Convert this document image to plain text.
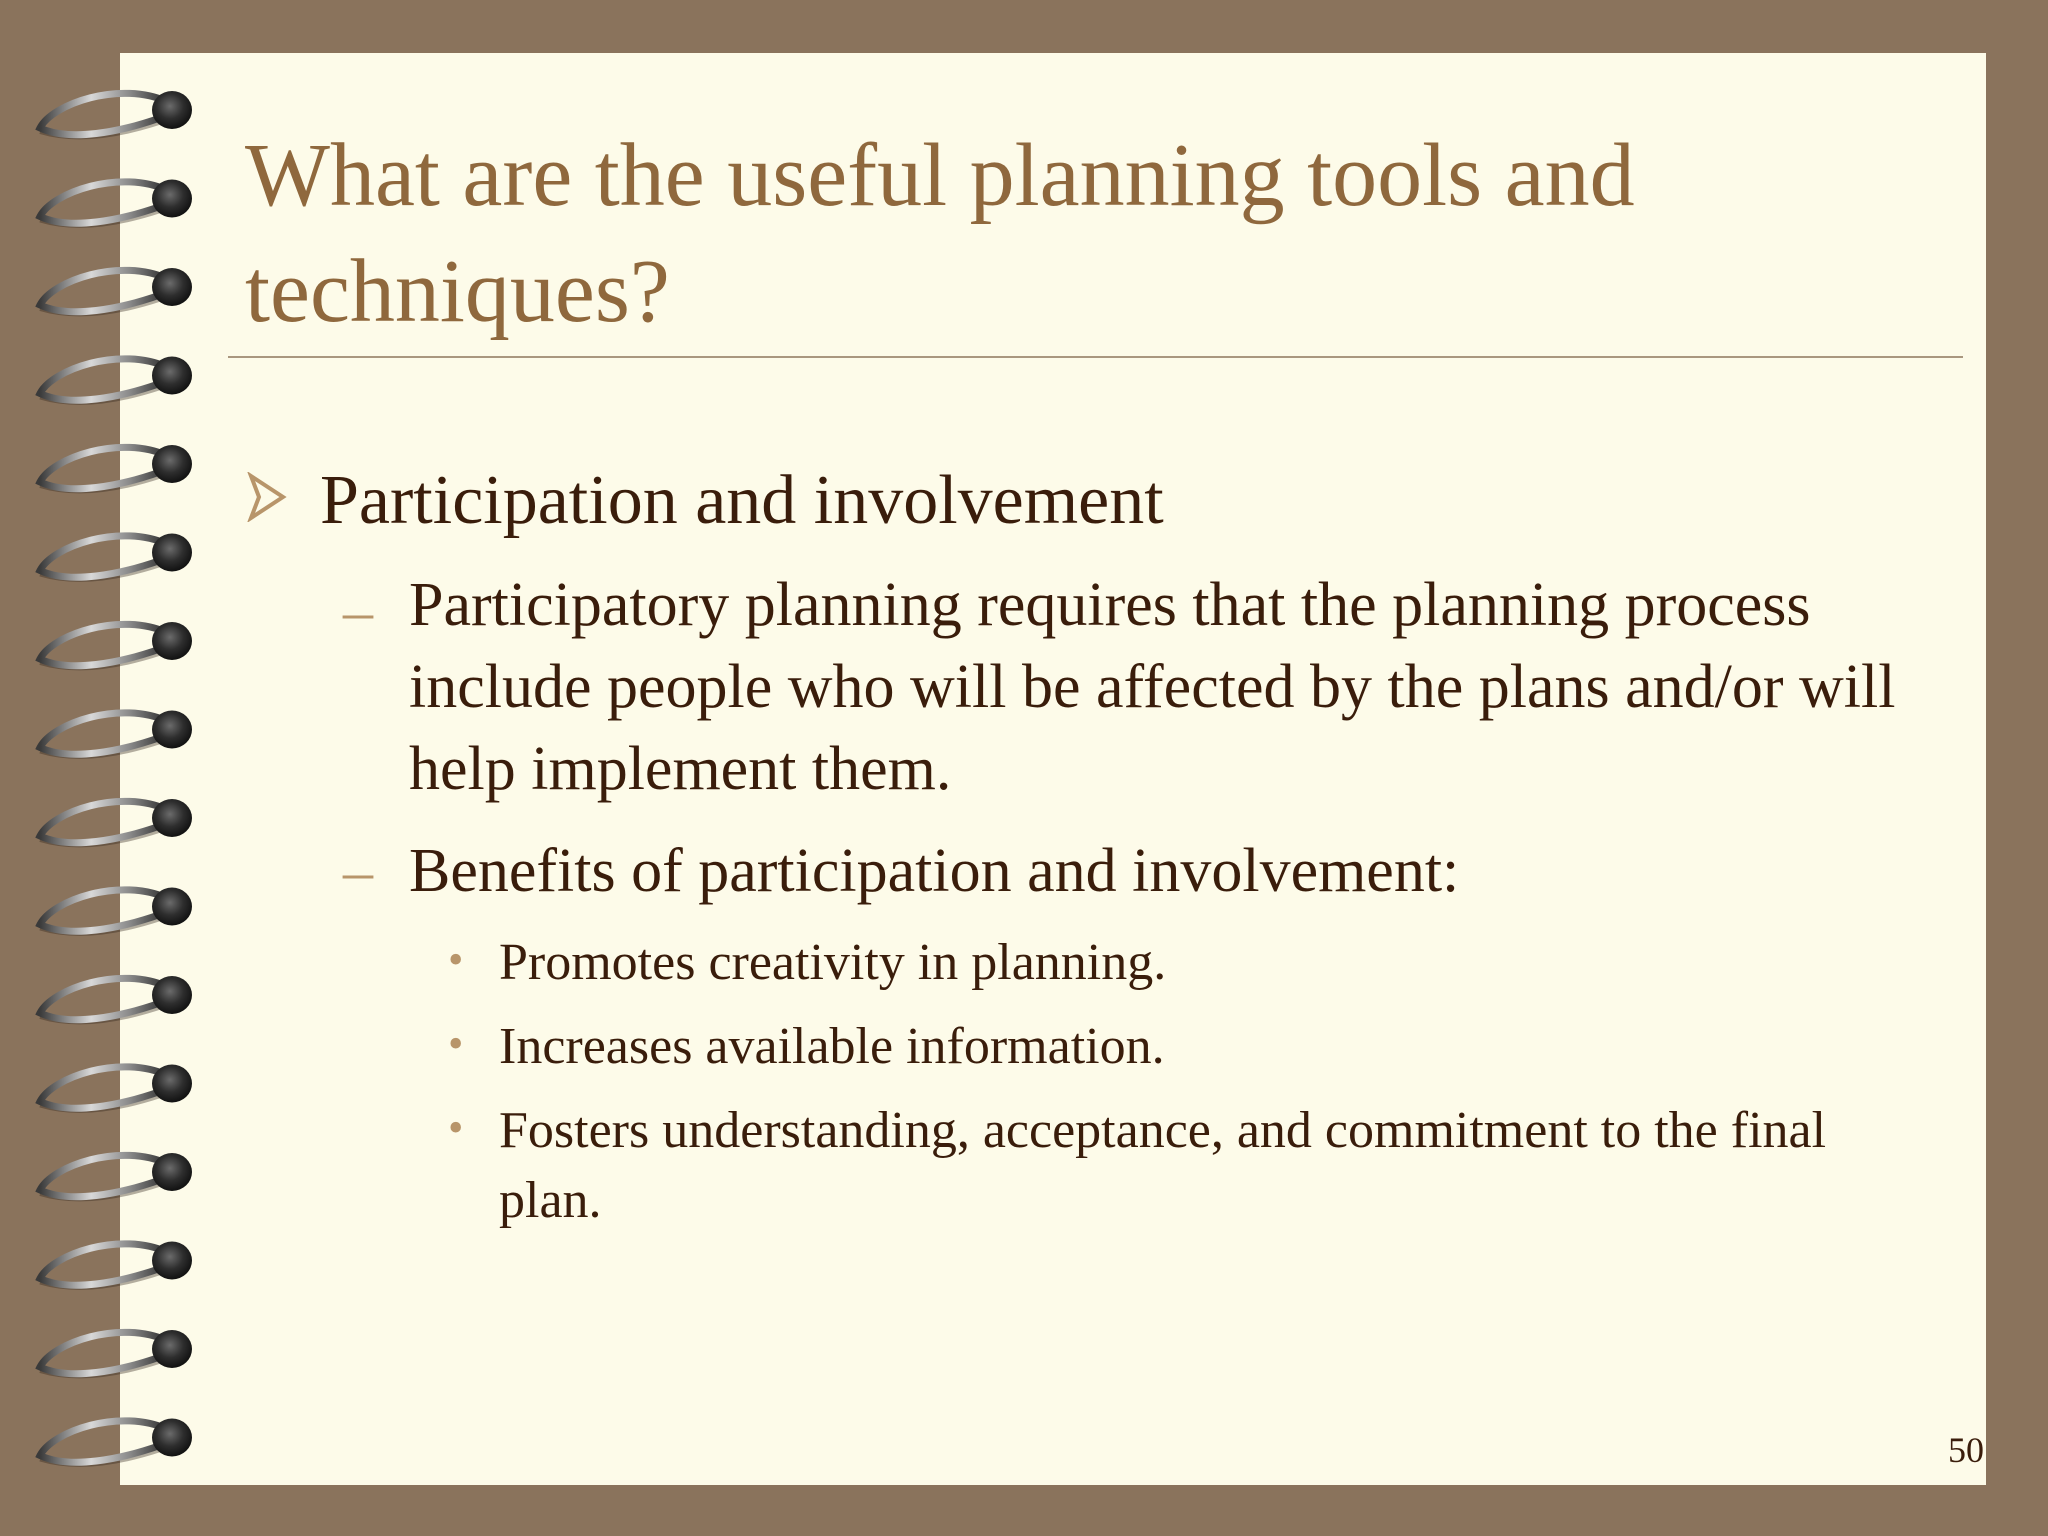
What are the useful planning tools and techniques?

Participation and involvement

– Participatory planning requires that the planning process include people who will be affected by the plans and/or will help implement them.

– Benefits of participation and involvement:

• Promotes creativity in planning.

• Increases available information.

• Fosters understanding, acceptance, and commitment to the final plan.

50
